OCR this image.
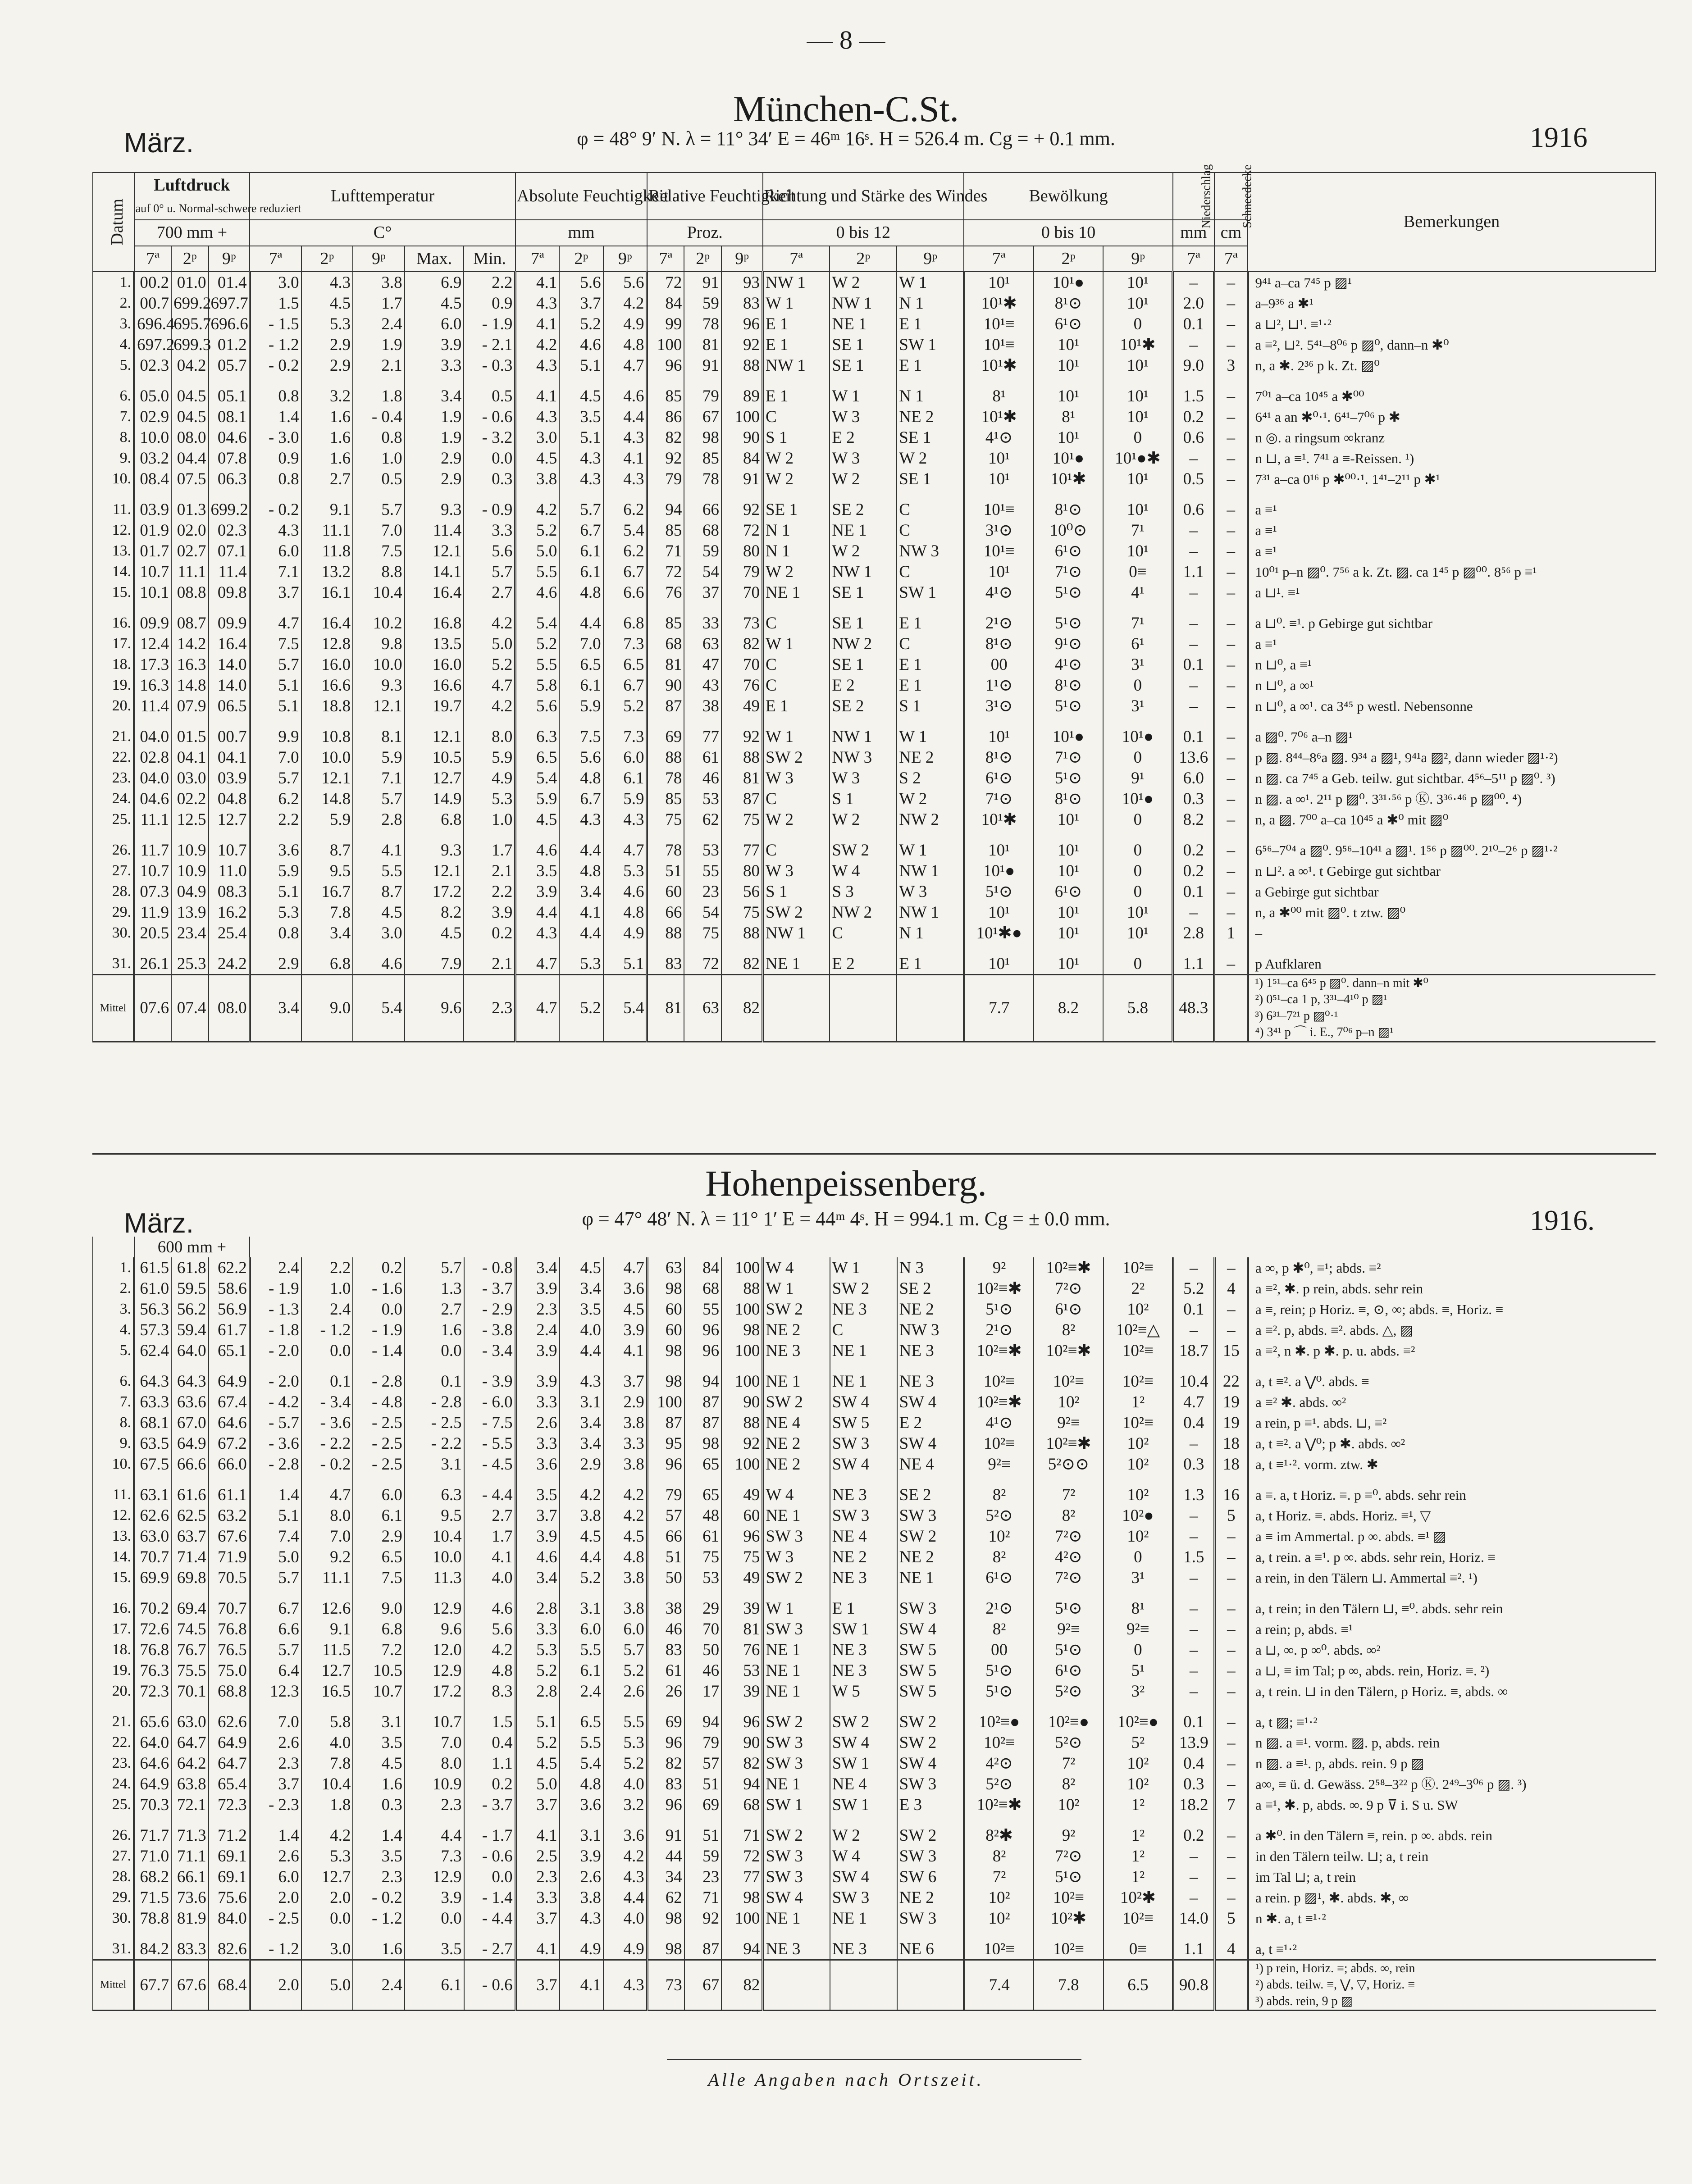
— 8 —
München-C.St.
März.	φ = 48° 9′ N. λ = 11° 34′ E = 46ᵐ 16ˢ. H = 526.4 m. Cg = + 0.1 mm.	1916
Datum	Luftdruck
auf 0° u. Normal-schwere reduziert			Lufttemperatur					Absolute Feuchtigkeit			Relative Feuchtigkeit			Richtung und Stärke des Windes			Bewölkung			Niederschlag	Schneedecke	Bemerkungen
	700 mm +			C°					mm			Proz.			0 bis 12			0 bis 10			mm	cm	
	7ª	2ᵖ	9ᵖ	7ª	2ᵖ	9ᵖ	Max.	Min.	7ª	2ᵖ	9ᵖ	7ª	2ᵖ	9ᵖ	7ª	2ᵖ	9ᵖ	7ª	2ᵖ	9ᵖ	7ª	7ª	
1.	00.2	01.0	01.4	3.0	4.3	3.8	6.9	2.2	4.1	5.6	5.6	72	91	93	NW 1	W 2	W 1	10¹	10¹●	10¹	–	–	9⁴¹ a–ca 7⁴⁵ p ▨¹
2.	00.7	699.2	697.7	1.5	4.5	1.7	4.5	0.9	4.3	3.7	4.2	84	59	83	W 1	NW 1	N 1	10¹✱	8¹⊙	10¹	2.0	–	a–9³⁶ a ✱¹
3.	696.4	695.7	696.6	- 1.5	5.3	2.4	6.0	- 1.9	4.1	5.2	4.9	99	78	96	E 1	NE 1	E 1	10¹≡	6¹⊙	0	0.1	–	a ⊔², ⊔¹. ≡¹·²
4.	697.2	699.3	01.2	- 1.2	2.9	1.9	3.9	- 2.1	4.2	4.6	4.8	100	81	92	E 1	SE 1	SW 1	10¹≡	10¹	10¹✱	–	–	a ≡², ⊔². 5⁴¹–8⁰⁶ p ▨⁰, dann–n ✱⁰
5.	02.3	04.2	05.7	- 0.2	2.9	2.1	3.3	- 0.3	4.3	5.1	4.7	96	91	88	NW 1	SE 1	E 1	10¹✱	10¹	10¹	9.0	3	n, a ✱. 2³⁶ p k. Zt. ▨⁰

6.	05.0	04.5	05.1	0.8	3.2	1.8	3.4	0.5	4.1	4.5	4.6	85	79	89	E 1	W 1	N 1	8¹	10¹	10¹	1.5	–	7⁰¹ a–ca 10⁴⁵ a ✱⁰⁰
7.	02.9	04.5	08.1	1.4	1.6	- 0.4	1.9	- 0.6	4.3	3.5	4.4	86	67	100	C	W 3	NE 2	10¹✱	8¹	10¹	0.2	–	6⁴¹ a an ✱⁰·¹. 6⁴¹–7⁰⁶ p ✱
8.	10.0	08.0	04.6	- 3.0	1.6	0.8	1.9	- 3.2	3.0	5.1	4.3	82	98	90	S 1	E 2	SE 1	4¹⊙	10¹	0	0.6	–	n ◎. a ringsum ∞kranz
9.	03.2	04.4	07.8	0.9	1.6	1.0	2.9	0.0	4.5	4.3	4.1	92	85	84	W 2	W 3	W 2	10¹	10¹●	10¹●✱	–	–	n ⊔, a ≡¹. 7⁴¹ a ≡-Reissen. ¹)
10.	08.4	07.5	06.3	0.8	2.7	0.5	2.9	0.3	3.8	4.3	4.3	79	78	91	W 2	W 2	SE 1	10¹	10¹✱	10¹	0.5	–	7³¹ a–ca 0¹⁶ p ✱⁰⁰·¹. 1⁴¹–2¹¹ p ✱¹

11.	03.9	01.3	699.2	- 0.2	9.1	5.7	9.3	- 0.9	4.2	5.7	6.2	94	66	92	SE 1	SE 2	C	10¹≡	8¹⊙	10¹	0.6	–	a ≡¹
12.	01.9	02.0	02.3	4.3	11.1	7.0	11.4	3.3	5.2	6.7	5.4	85	68	72	N 1	NE 1	C	3¹⊙	10⁰⊙	7¹	–	–	a ≡¹
13.	01.7	02.7	07.1	6.0	11.8	7.5	12.1	5.6	5.0	6.1	6.2	71	59	80	N 1	W 2	NW 3	10¹≡	6¹⊙	10¹	–	–	a ≡¹
14.	10.7	11.1	11.4	7.1	13.2	8.8	14.1	5.7	5.5	6.1	6.7	72	54	79	W 2	NW 1	C	10¹	7¹⊙	0≡	1.1	–	10⁰¹ p–n ▨⁰. 7⁵⁶ a k. Zt. ▨. ca 1⁴⁵ p ▨⁰⁰. 8⁵⁶ p ≡¹
15.	10.1	08.8	09.8	3.7	16.1	10.4	16.4	2.7	4.6	4.8	6.6	76	37	70	NE 1	SE 1	SW 1	4¹⊙	5¹⊙	4¹	–	–	a ⊔¹. ≡¹

16.	09.9	08.7	09.9	4.7	16.4	10.2	16.8	4.2	5.4	4.4	6.8	85	33	73	C	SE 1	E 1	2¹⊙	5¹⊙	7¹	–	–	a ⊔⁰. ≡¹. p Gebirge gut sichtbar
17.	12.4	14.2	16.4	7.5	12.8	9.8	13.5	5.0	5.2	7.0	7.3	68	63	82	W 1	NW 2	C	8¹⊙	9¹⊙	6¹	–	–	a ≡¹
18.	17.3	16.3	14.0	5.7	16.0	10.0	16.0	5.2	5.5	6.5	6.5	81	47	70	C	SE 1	E 1	00	4¹⊙	3¹	0.1	–	n ⊔⁰, a ≡¹
19.	16.3	14.8	14.0	5.1	16.6	9.3	16.6	4.7	5.8	6.1	6.7	90	43	76	C	E 2	E 1	1¹⊙	8¹⊙	0	–	–	n ⊔⁰, a ∞¹
20.	11.4	07.9	06.5	5.1	18.8	12.1	19.7	4.2	5.6	5.9	5.2	87	38	49	E 1	SE 2	S 1	3¹⊙	5¹⊙	3¹	–	–	n ⊔⁰, a ∞¹. ca 3⁴⁵ p westl. Nebensonne

21.	04.0	01.5	00.7	9.9	10.8	8.1	12.1	8.0	6.3	7.5	7.3	69	77	92	W 1	NW 1	W 1	10¹	10¹●	10¹●	0.1	–	a ▨⁰. 7⁰⁶ a–n ▨¹
22.	02.8	04.1	04.1	7.0	10.0	5.9	10.5	5.9	6.5	5.6	6.0	88	61	88	SW 2	NW 3	NE 2	8¹⊙	7¹⊙	0	13.6	–	p ▨. 8⁴⁴–8⁶a ▨. 9³⁴ a ▨¹, 9⁴¹a ▨², dann wieder ▨¹·²)
23.	04.0	03.0	03.9	5.7	12.1	7.1	12.7	4.9	5.4	4.8	6.1	78	46	81	W 3	W 3	S 2	6¹⊙	5¹⊙	9¹	6.0	–	n ▨. ca 7⁴⁵ a Geb. teilw. gut sichtbar. 4⁵⁶–5¹¹ p ▨⁰. ³)
24.	04.6	02.2	04.8	6.2	14.8	5.7	14.9	5.3	5.9	6.7	5.9	85	53	87	C	S 1	W 2	7¹⊙	8¹⊙	10¹●	0.3	–	n ▨. a ∞¹. 2¹¹ p ▨⁰. 3³¹·⁵⁶ p Ⓚ. 3³⁶·⁴⁶ p ▨⁰⁰. ⁴)
25.	11.1	12.5	12.7	2.2	5.9	2.8	6.8	1.0	4.5	4.3	4.3	75	62	75	W 2	W 2	NW 2	10¹✱	10¹	0	8.2	–	n, a ▨. 7⁰⁰ a–ca 10⁴⁵ a ✱⁰ mit ▨⁰

26.	11.7	10.9	10.7	3.6	8.7	4.1	9.3	1.7	4.6	4.4	4.7	78	53	77	C	SW 2	W 1	10¹	10¹	0	0.2	–	6⁵⁶–7⁰⁴ a ▨⁰. 9⁵⁶–10⁴¹ a ▨¹. 1⁵⁶ p ▨⁰⁰. 2¹⁰–2⁶ p ▨¹·²
27.	10.7	10.9	11.0	5.9	9.5	5.5	12.1	2.1	3.5	4.8	5.3	51	55	80	W 3	W 4	NW 1	10¹●	10¹	0	0.2	–	n ⊔². a ∞¹. t Gebirge gut sichtbar
28.	07.3	04.9	08.3	5.1	16.7	8.7	17.2	2.2	3.9	3.4	4.6	60	23	56	S 1	S 3	W 3	5¹⊙	6¹⊙	0	0.1	–	a Gebirge gut sichtbar
29.	11.9	13.9	16.2	5.3	7.8	4.5	8.2	3.9	4.4	4.1	4.8	66	54	75	SW 2	NW 2	NW 1	10¹	10¹	10¹	–	–	n, a ✱⁰⁰ mit ▨⁰. t ztw. ▨⁰
30.	20.5	23.4	25.4	0.8	3.4	3.0	4.5	0.2	4.3	4.4	4.9	88	75	88	NW 1	C	N 1	10¹✱●	10¹	10¹	2.8	1	–

31.	26.1	25.3	24.2	2.9	6.8	4.6	7.9	2.1	4.7	5.3	5.1	83	72	82	NE 1	E 2	E 1	10¹	10¹	0	1.1	–	p Aufklaren
Mittel	07.6	07.4	08.0	3.4	9.0	5.4	9.6	2.3	4.7	5.2	5.4	81	63	82				7.7	8.2	5.8	48.3		¹) 1⁵¹–ca 6⁴⁵ p ▨⁰. dann–n mit ✱⁰
²) 0⁵¹–ca 1 p, 3³¹–4¹⁰ p ▨¹
³) 6³¹–7²¹ p ▨⁰·¹
⁴) 3⁴¹ p ⌒ i. E., 7⁰⁶ p–n ▨¹
Hohenpeissenberg.
März.	φ = 47° 48′ N. λ = 11° 1′ E = 44ᵐ 4ˢ. H = 994.1 m. Cg = ± 0.0 mm.	1916.
	600 mm +																						
1.	61.5	61.8	62.2	2.4	2.2	0.2	5.7	- 0.8	3.4	4.5	4.7	63	84	100	W 4	W 1	N 3	9²	10²≡✱	10²≡	–	–	a ∞, p ✱⁰, ≡¹; abds. ≡²
2.	61.0	59.5	58.6	- 1.9	1.0	- 1.6	1.3	- 3.7	3.9	3.4	3.6	98	68	88	W 1	SW 2	SE 2	10²≡✱	7²⊙	2²	5.2	4	a ≡², ✱. p rein, abds. sehr rein
3.	56.3	56.2	56.9	- 1.3	2.4	0.0	2.7	- 2.9	2.3	3.5	4.5	60	55	100	SW 2	NE 3	NE 2	5¹⊙	6¹⊙	10²	0.1	–	a ≡, rein; p Horiz. ≡, ⊙, ∞; abds. ≡, Horiz. ≡
4.	57.3	59.4	61.7	- 1.8	- 1.2	- 1.9	1.6	- 3.8	2.4	4.0	3.9	60	96	98	NE 2	C	NW 3	2¹⊙	8²	10²≡△	–	–	a ≡². p, abds. ≡². abds. △, ▨
5.	62.4	64.0	65.1	- 2.0	0.0	- 1.4	0.0	- 3.4	3.9	4.4	4.1	98	96	100	NE 3	NE 1	NE 3	10²≡✱	10²≡✱	10²≡	18.7	15	a ≡², n ✱. p ✱. p. u. abds. ≡²

6.	64.3	64.3	64.9	- 2.0	0.1	- 2.8	0.1	- 3.9	3.9	4.3	3.7	98	94	100	NE 1	NE 1	NE 3	10²≡	10²≡	10²≡	10.4	22	a, t ≡². a ⋁⁰. abds. ≡
7.	63.3	63.6	67.4	- 4.2	- 3.4	- 4.8	- 2.8	- 6.0	3.3	3.1	2.9	100	87	90	SW 2	SW 4	SW 4	10²≡✱	10²	1²	4.7	19	a ≡² ✱. abds. ∞²
8.	68.1	67.0	64.6	- 5.7	- 3.6	- 2.5	- 2.5	- 7.5	2.6	3.4	3.8	87	87	88	NE 4	SW 5	E 2	4¹⊙	9²≡	10²≡	0.4	19	a rein, p ≡¹. abds. ⊔, ≡²
9.	63.5	64.9	67.2	- 3.6	- 2.2	- 2.5	- 2.2	- 5.5	3.3	3.4	3.3	95	98	92	NE 2	SW 3	SW 4	10²≡	10²≡✱	10²	–	18	a, t ≡². a ⋁⁰; p ✱. abds. ∞²
10.	67.5	66.6	66.0	- 2.8	- 0.2	- 2.5	3.1	- 4.5	3.6	2.9	3.8	96	65	100	NE 2	SW 4	NE 4	9²≡	5²⊙⊙	10²	0.3	18	a, t ≡¹·². vorm. ztw. ✱

11.	63.1	61.6	61.1	1.4	4.7	6.0	6.3	- 4.4	3.5	4.2	4.2	79	65	49	W 4	NE 3	SE 2	8²	7²	10²	1.3	16	a ≡. a, t Horiz. ≡. p ≡⁰. abds. sehr rein
12.	62.6	62.5	63.2	5.1	8.0	6.1	9.5	2.7	3.7	3.8	4.2	57	48	60	NE 1	SW 3	SW 3	5²⊙	8²	10²●	–	5	a, t Horiz. ≡. abds. Horiz. ≡¹, ▽
13.	63.0	63.7	67.6	7.4	7.0	2.9	10.4	1.7	3.9	4.5	4.5	66	61	96	SW 3	NE 4	SW 2	10²	7²⊙	10²	–	–	a ≡ im Ammertal. p ∞. abds. ≡¹ ▨
14.	70.7	71.4	71.9	5.0	9.2	6.5	10.0	4.1	4.6	4.4	4.8	51	75	75	W 3	NE 2	NE 2	8²	4²⊙	0	1.5	–	a, t rein. a ≡¹. p ∞. abds. sehr rein, Horiz. ≡
15.	69.9	69.8	70.5	5.7	11.1	7.5	11.3	4.0	3.4	5.2	3.8	50	53	49	SW 2	NE 3	NE 1	6¹⊙	7²⊙	3¹	–	–	a rein, in den Tälern ⊔. Ammertal ≡². ¹)

16.	70.2	69.4	70.7	6.7	12.6	9.0	12.9	4.6	2.8	3.1	3.8	38	29	39	W 1	E 1	SW 3	2¹⊙	5¹⊙	8¹	–	–	a, t rein; in den Tälern ⊔, ≡⁰. abds. sehr rein
17.	72.6	74.5	76.8	6.6	9.1	6.8	9.6	5.6	3.3	6.0	6.0	46	70	81	SW 3	SW 1	SW 4	8²	9²≡	9²≡	–	–	a rein; p, abds. ≡¹
18.	76.8	76.7	76.5	5.7	11.5	7.2	12.0	4.2	5.3	5.5	5.7	83	50	76	NE 1	NE 3	SW 5	00	5¹⊙	0	–	–	a ⊔, ∞. p ∞⁰. abds. ∞²
19.	76.3	75.5	75.0	6.4	12.7	10.5	12.9	4.8	5.2	6.1	5.2	61	46	53	NE 1	NE 3	SW 5	5¹⊙	6¹⊙	5¹	–	–	a ⊔, ≡ im Tal; p ∞, abds. rein, Horiz. ≡. ²)
20.	72.3	70.1	68.8	12.3	16.5	10.7	17.2	8.3	2.8	2.4	2.6	26	17	39	NE 1	W 5	SW 5	5¹⊙	5²⊙	3²	–	–	a, t rein. ⊔ in den Tälern, p Horiz. ≡, abds. ∞

21.	65.6	63.0	62.6	7.0	5.8	3.1	10.7	1.5	5.1	6.5	5.5	69	94	96	SW 2	SW 2	SW 2	10²≡●	10²≡●	10²≡●	0.1	–	a, t ▨; ≡¹·²
22.	64.0	64.7	64.9	2.6	4.0	3.5	7.0	0.4	5.2	5.5	5.3	96	79	90	SW 3	SW 4	SW 2	10²≡	5²⊙	5²	13.9	–	n ▨. a ≡¹. vorm. ▨. p, abds. rein
23.	64.6	64.2	64.7	2.3	7.8	4.5	8.0	1.1	4.5	5.4	5.2	82	57	82	SW 3	SW 1	SW 4	4²⊙	7²	10²	0.4	–	n ▨. a ≡¹. p, abds. rein. 9 p ▨
24.	64.9	63.8	65.4	3.7	10.4	1.6	10.9	0.2	5.0	4.8	4.0	83	51	94	NE 1	NE 4	SW 3	5²⊙	8²	10²	0.3	–	a∞, ≡ ü. d. Gewäss. 2⁵⁸–3²² p Ⓚ. 2⁴⁹–3⁰⁶ p ▨. ³)
25.	70.3	72.1	72.3	- 2.3	1.8	0.3	2.3	- 3.7	3.7	3.6	3.2	96	69	68	SW 1	SW 1	E 3	10²≡✱	10²	1²	18.2	7	a ≡¹, ✱. p, abds. ∞. 9 p ⊽ i. S u. SW

26.	71.7	71.3	71.2	1.4	4.2	1.4	4.4	- 1.7	4.1	3.1	3.6	91	51	71	SW 2	W 2	SW 2	8²✱	9²	1²	0.2	–	a ✱⁰. in den Tälern ≡, rein. p ∞. abds. rein
27.	71.0	71.1	69.1	2.6	5.3	3.5	7.3	- 0.6	2.5	3.9	4.2	44	59	72	SW 3	W 4	SW 3	8²	7²⊙	1²	–	–	in den Tälern teilw. ⊔; a, t rein
28.	68.2	66.1	69.1	6.0	12.7	2.3	12.9	0.0	2.3	2.6	4.3	34	23	77	SW 3	SW 4	SW 6	7²	5¹⊙	1²	–	–	im Tal ⊔; a, t rein
29.	71.5	73.6	75.6	2.0	2.0	- 0.2	3.9	- 1.4	3.3	3.8	4.4	62	71	98	SW 4	SW 3	NE 2	10²	10²≡	10²✱	–	–	a rein. p ▨¹, ✱. abds. ✱, ∞
30.	78.8	81.9	84.0	- 2.5	0.0	- 1.2	0.0	- 4.4	3.7	4.3	4.0	98	92	100	NE 1	NE 1	SW 3	10²	10²✱	10²≡	14.0	5	n ✱. a, t ≡¹·²

31.	84.2	83.3	82.6	- 1.2	3.0	1.6	3.5	- 2.7	4.1	4.9	4.9	98	87	94	NE 3	NE 3	NE 6	10²≡	10²≡	0≡	1.1	4	a, t ≡¹·²
Mittel	67.7	67.6	68.4	2.0	5.0	2.4	6.1	- 0.6	3.7	4.1	4.3	73	67	82				7.4	7.8	6.5	90.8		¹) p rein, Horiz. ≡; abds. ∞, rein
²) abds. teilw. ≡, ⋁, ▽, Horiz. ≡
³) abds. rein, 9 p ▨
Alle Angaben nach Ortszeit.
